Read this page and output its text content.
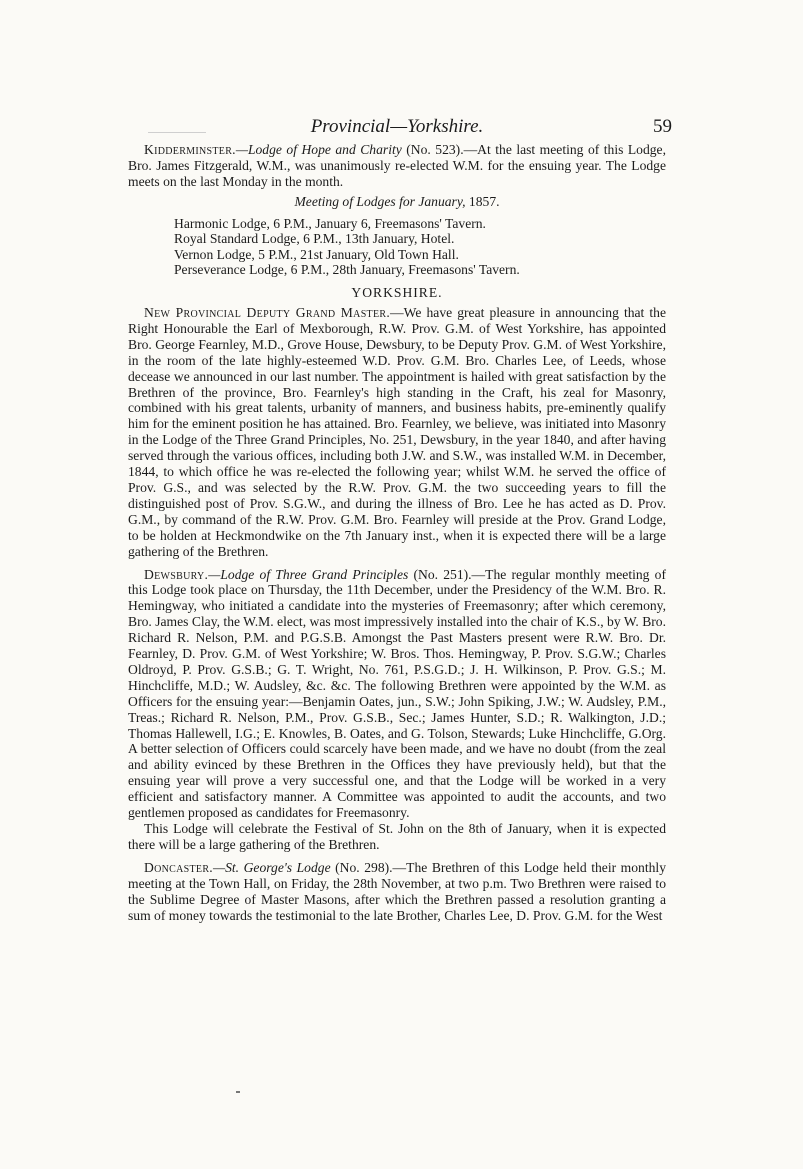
Provincial—Yorkshire.	59

Kidderminster.—Lodge of Hope and Charity (No. 523).—At the last meeting of this Lodge, Bro. James Fitzgerald, W.M., was unanimously re-elected W.M. for the ensuing year. The Lodge meets on the last Monday in the month.

Meeting of Lodges for January, 1857.

Harmonic Lodge, 6 P.M., January 6, Freemasons' Tavern.
Royal Standard Lodge, 6 P.M., 13th January, Hotel.
Vernon Lodge, 5 P.M., 21st January, Old Town Hall.
Perseverance Lodge, 6 P.M., 28th January, Freemasons' Tavern.
YORKSHIRE.

New Provincial Deputy Grand Master.—We have great pleasure in announcing that the Right Honourable the Earl of Mexborough, R.W. Prov. G.M. of West Yorkshire, has appointed Bro. George Fearnley, M.D., Grove House, Dewsbury, to be Deputy Prov. G.M. of West Yorkshire, in the room of the late highly-esteemed W.D. Prov. G.M. Bro. Charles Lee, of Leeds, whose decease we announced in our last number. The appointment is hailed with great satisfaction by the Brethren of the province, Bro. Fearnley's high standing in the Craft, his zeal for Masonry, combined with his great talents, urbanity of manners, and business habits, pre-eminently qualify him for the eminent position he has attained. Bro. Fearnley, we believe, was initiated into Masonry in the Lodge of the Three Grand Principles, No. 251, Dewsbury, in the year 1840, and after having served through the various offices, including both J.W. and S.W., was installed W.M. in December, 1844, to which office he was re-elected the following year; whilst W.M. he served the office of Prov. G.S., and was selected by the R.W. Prov. G.M. the two succeeding years to fill the distinguished post of Prov. S.G.W., and during the illness of Bro. Lee he has acted as D. Prov. G.M., by command of the R.W. Prov. G.M. Bro. Fearnley will preside at the Prov. Grand Lodge, to be holden at Heckmondwike on the 7th January inst., when it is expected there will be a large gathering of the Brethren.

Dewsbury.—Lodge of Three Grand Principles (No. 251).—The regular monthly meeting of this Lodge took place on Thursday, the 11th December, under the Presidency of the W.M. Bro. R. Hemingway, who initiated a candidate into the mysteries of Freemasonry; after which ceremony, Bro. James Clay, the W.M. elect, was most impressively installed into the chair of K.S., by W. Bro. Richard R. Nelson, P.M. and P.G.S.B. Amongst the Past Masters present were R.W. Bro. Dr. Fearnley, D. Prov. G.M. of West Yorkshire; W. Bros. Thos. Hemingway, P. Prov. S.G.W.; Charles Oldroyd, P. Prov. G.S.B.; G. T. Wright, No. 761, P.S.G.D.; J. H. Wilkinson, P. Prov. G.S.; M. Hinchcliffe, M.D.; W. Audsley, &c. &c. The following Brethren were appointed by the W.M. as Officers for the ensuing year:—Benjamin Oates, jun., S.W.; John Spiking, J.W.; W. Audsley, P.M., Treas.; Richard R. Nelson, P.M., Prov. G.S.B., Sec.; James Hunter, S.D.; R. Walkington, J.D.; Thomas Hallewell, I.G.; E. Knowles, B. Oates, and G. Tolson, Stewards; Luke Hinchcliffe, G.Org. A better selection of Officers could scarcely have been made, and we have no doubt (from the zeal and ability evinced by these Brethren in the Offices they have previously held), but that the ensuing year will prove a very successful one, and that the Lodge will be worked in a very efficient and satisfactory manner. A Committee was appointed to audit the accounts, and two gentlemen proposed as candidates for Freemasonry.

This Lodge will celebrate the Festival of St. John on the 8th of January, when it is expected there will be a large gathering of the Brethren.

Doncaster.—St. George's Lodge (No. 298).—The Brethren of this Lodge held their monthly meeting at the Town Hall, on Friday, the 28th November, at two p.m. Two Brethren were raised to the Sublime Degree of Master Masons, after which the Brethren passed a resolution granting a sum of money towards the testimonial to the late Brother, Charles Lee, D. Prov. G.M. for the West
